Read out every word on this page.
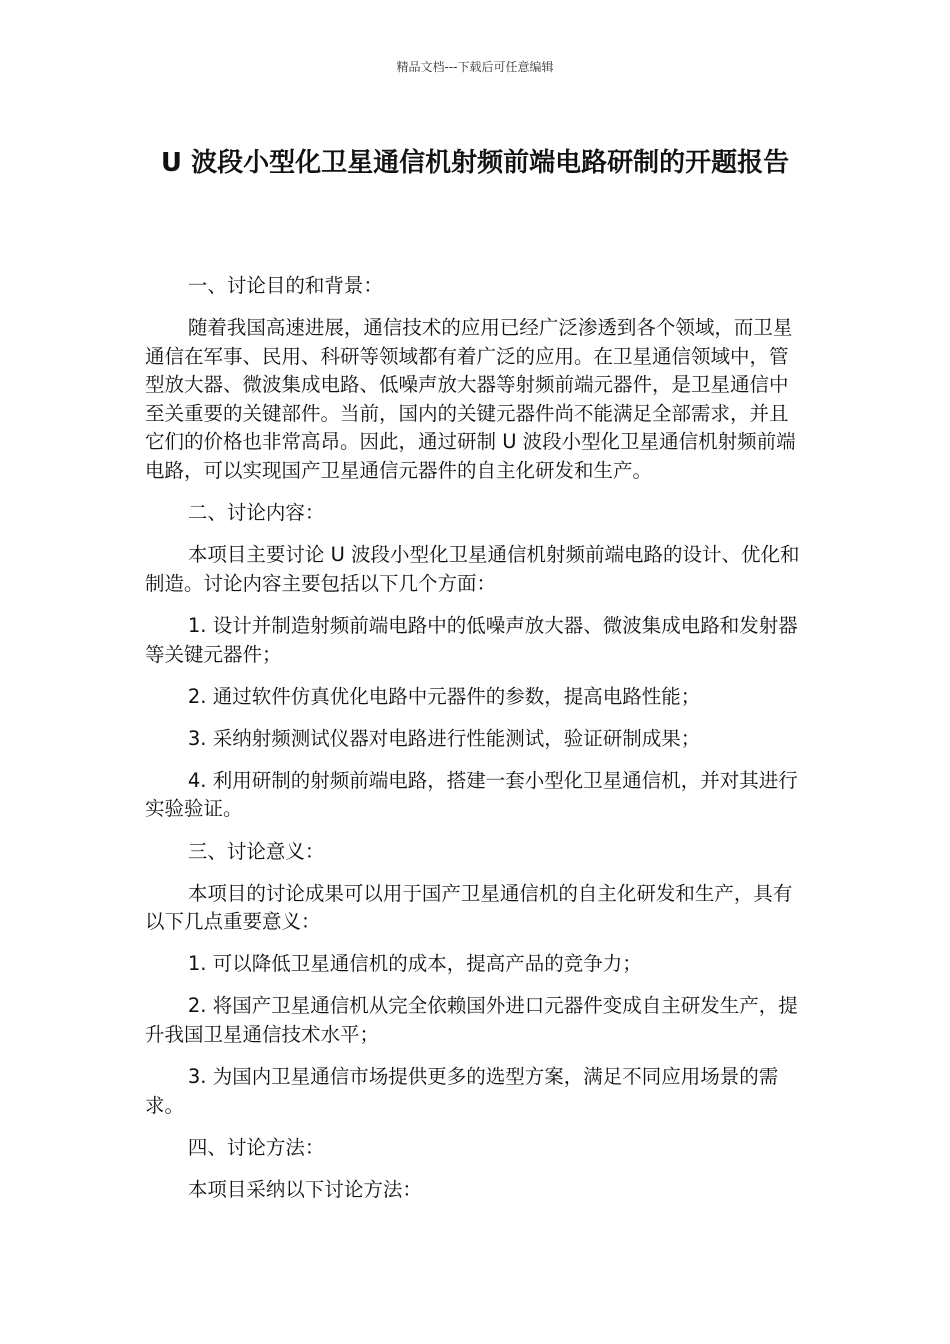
精品文档---下载后可任意编辑
U 波段小型化卫星通信机射频前端电路研制的开题报告

一、讨论目的和背景：

随着我国高速进展，通信技术的应用已经广泛渗透到各个领域，而卫星通信在军事、民用、科研等领域都有着广泛的应用。在卫星通信领域中，管型放大器、微波集成电路、低噪声放大器等射频前端元器件，是卫星通信中至关重要的关键部件。当前，国内的关键元器件尚不能满足全部需求，并且它们的价格也非常高昂。因此，通过研制 U 波段小型化卫星通信机射频前端电路，可以实现国产卫星通信元器件的自主化研发和生产。

二、讨论内容：

本项目主要讨论 U 波段小型化卫星通信机射频前端电路的设计、优化和制造。讨论内容主要包括以下几个方面：

1. 设计并制造射频前端电路中的低噪声放大器、微波集成电路和发射器等关键元器件；

2. 通过软件仿真优化电路中元器件的参数，提高电路性能；

3. 采纳射频测试仪器对电路进行性能测试，验证研制成果；

4. 利用研制的射频前端电路，搭建一套小型化卫星通信机，并对其进行实验验证。

三、讨论意义：

本项目的讨论成果可以用于国产卫星通信机的自主化研发和生产，具有以下几点重要意义：

1. 可以降低卫星通信机的成本，提高产品的竞争力；

2. 将国产卫星通信机从完全依赖国外进口元器件变成自主研发生产，提升我国卫星通信技术水平；

3. 为国内卫星通信市场提供更多的选型方案，满足不同应用场景的需求。

四、讨论方法：

本项目采纳以下讨论方法：
